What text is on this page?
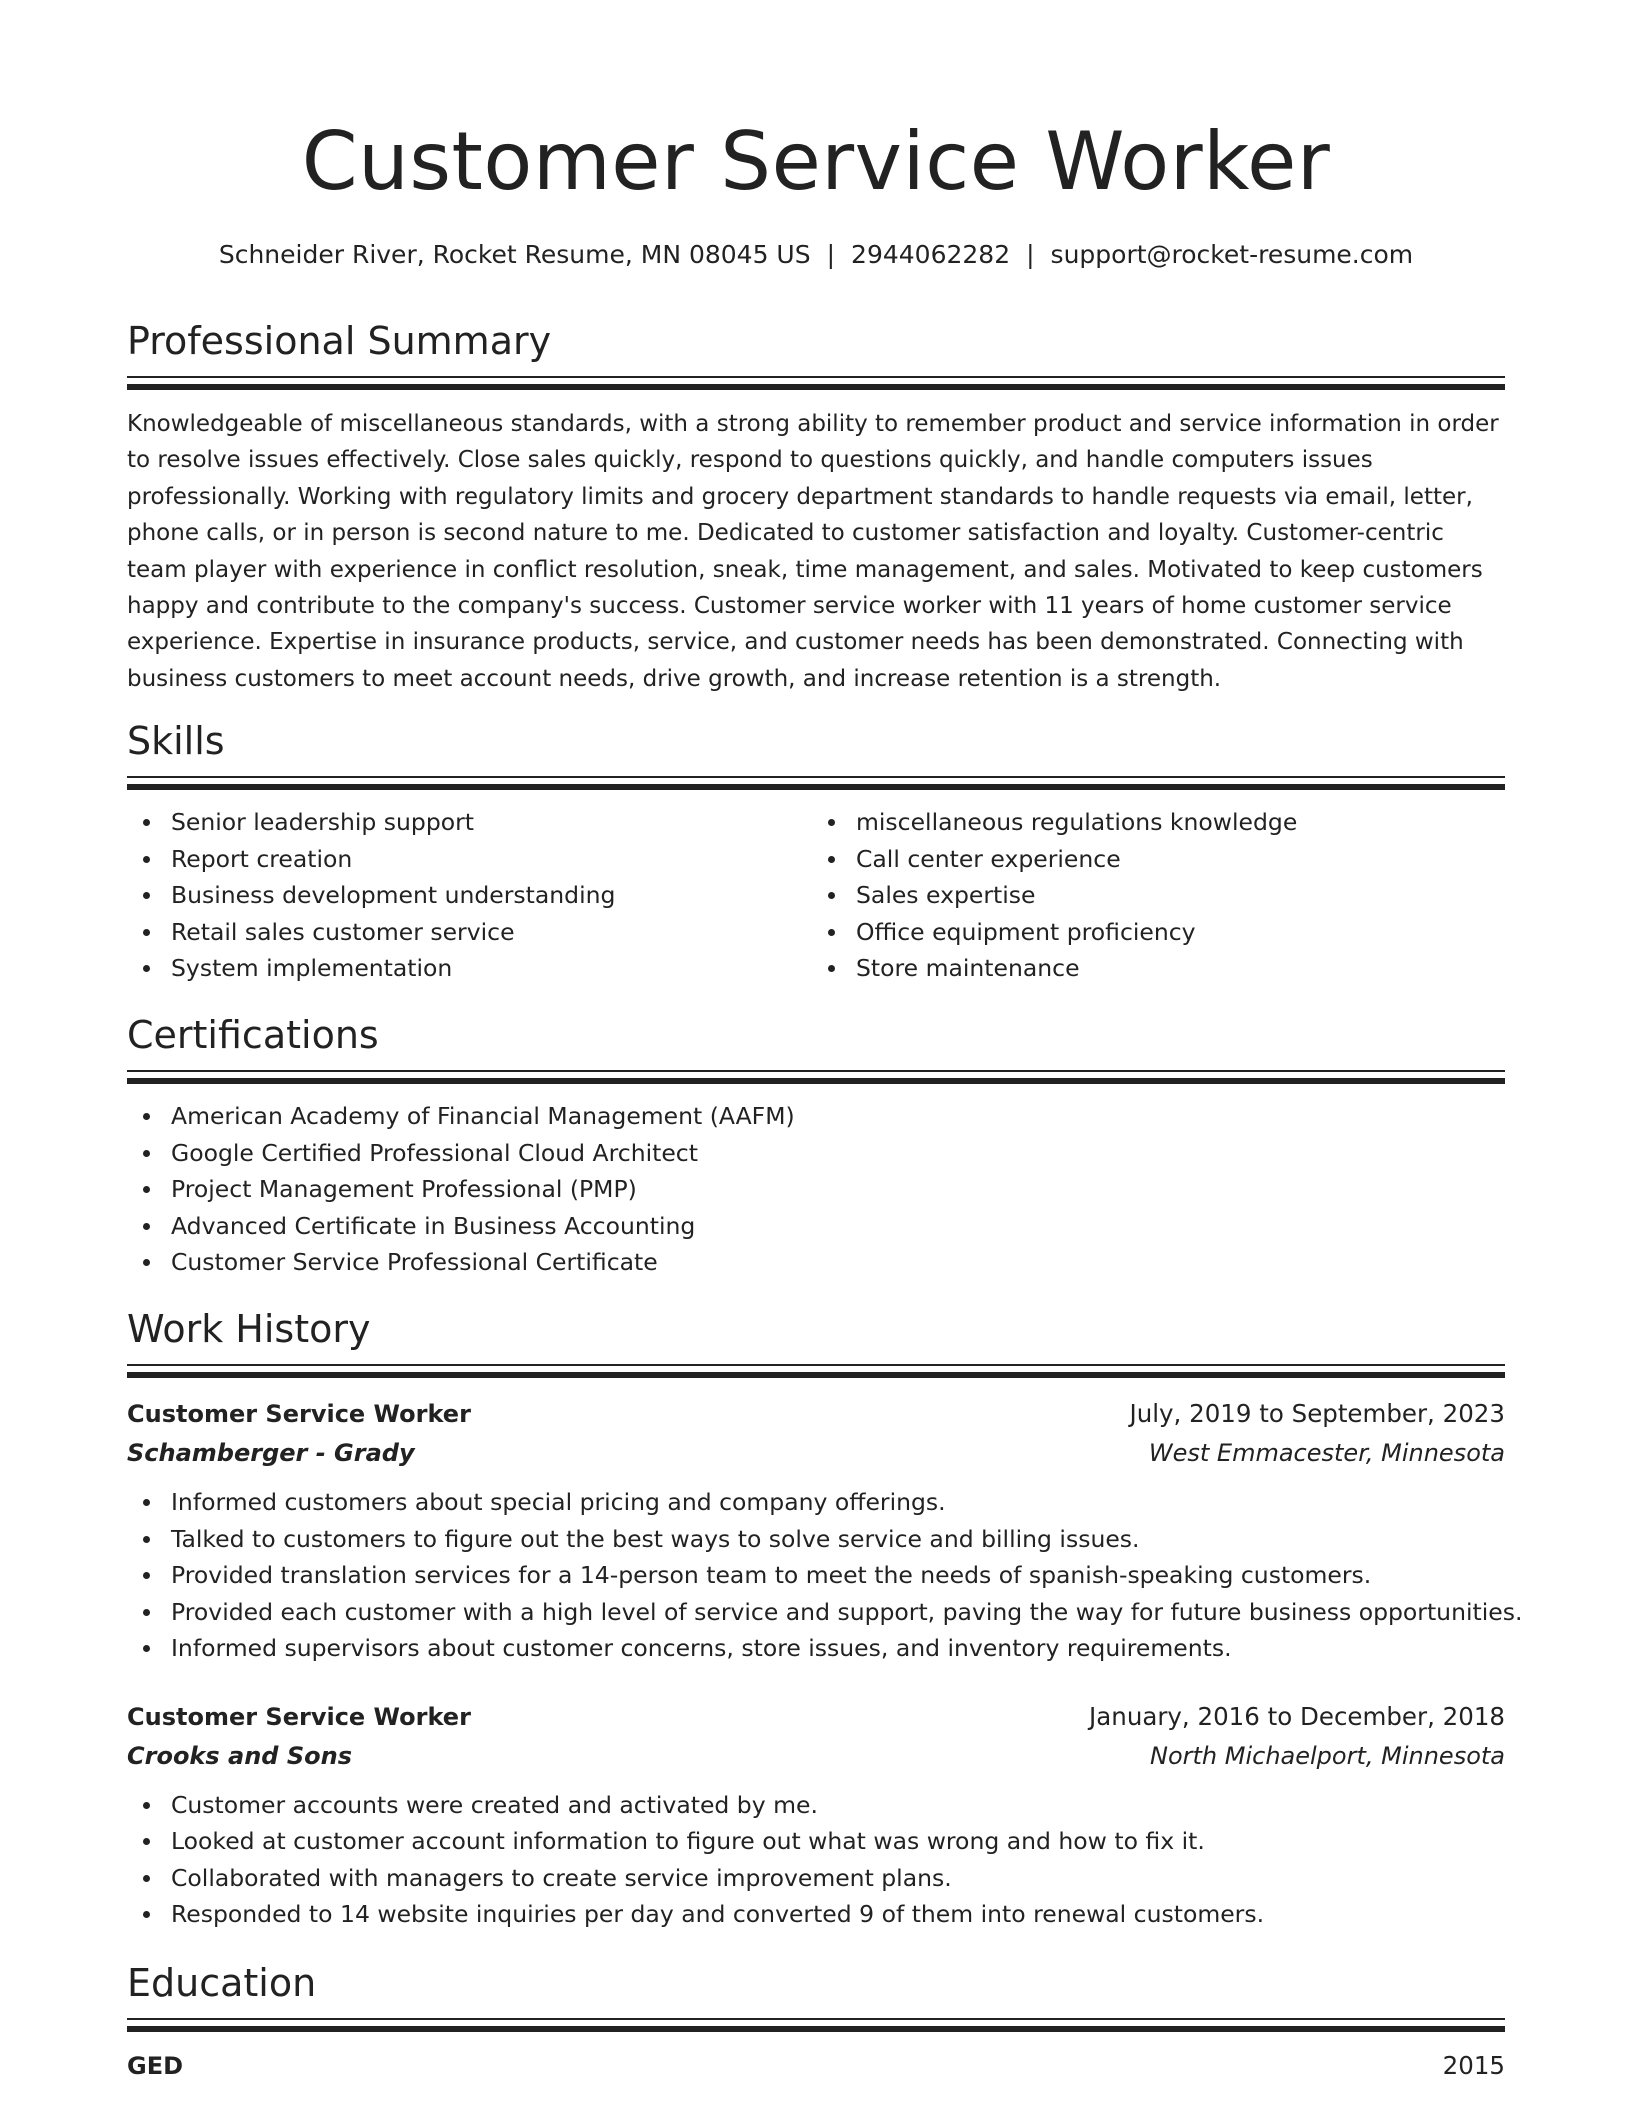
Customer Service Worker
Schneider River, Rocket Resume, MN 08045 US | 2944062282 | support@rocket-resume.com
Professional Summary

Knowledgeable of miscellaneous standards, with a strong ability to remember product and service information in order to resolve issues effectively. Close sales quickly, respond to questions quickly, and handle computers issues professionally. Working with regulatory limits and grocery department standards to handle requests via email, letter, phone calls, or in person is second nature to me. Dedicated to customer satisfaction and loyalty. Customer-centric team player with experience in conflict resolution, sneak, time management, and sales. Motivated to keep customers happy and contribute to the company's success. Customer service worker with 11 years of home customer service experience. Expertise in insurance products, service, and customer needs has been demonstrated. Connecting with business customers to meet account needs, drive growth, and increase retention is a strength.

Skills
Senior leadership support
Report creation
Business development understanding
Retail sales customer service
System implementation
miscellaneous regulations knowledge
Call center experience
Sales expertise
Office equipment proficiency
Store maintenance
Certifications
American Academy of Financial Management (AAFM)
Google Certified Professional Cloud Architect
Project Management Professional (PMP)
Advanced Certificate in Business Accounting
Customer Service Professional Certificate
Work History
Customer Service Worker	July, 2019 to September, 2023
Schamberger - Grady	West Emmacester, Minnesota
Informed customers about special pricing and company offerings.
Talked to customers to figure out the best ways to solve service and billing issues.
Provided translation services for a 14-person team to meet the needs of spanish-speaking customers.
Provided each customer with a high level of service and support, paving the way for future business opportunities.
Informed supervisors about customer concerns, store issues, and inventory requirements.
Customer Service Worker	January, 2016 to December, 2018
Crooks and Sons	North Michaelport, Minnesota
Customer accounts were created and activated by me.
Looked at customer account information to figure out what was wrong and how to fix it.
Collaborated with managers to create service improvement plans.
Responded to 14 website inquiries per day and converted 9 of them into renewal customers.
Education
GED	2015
